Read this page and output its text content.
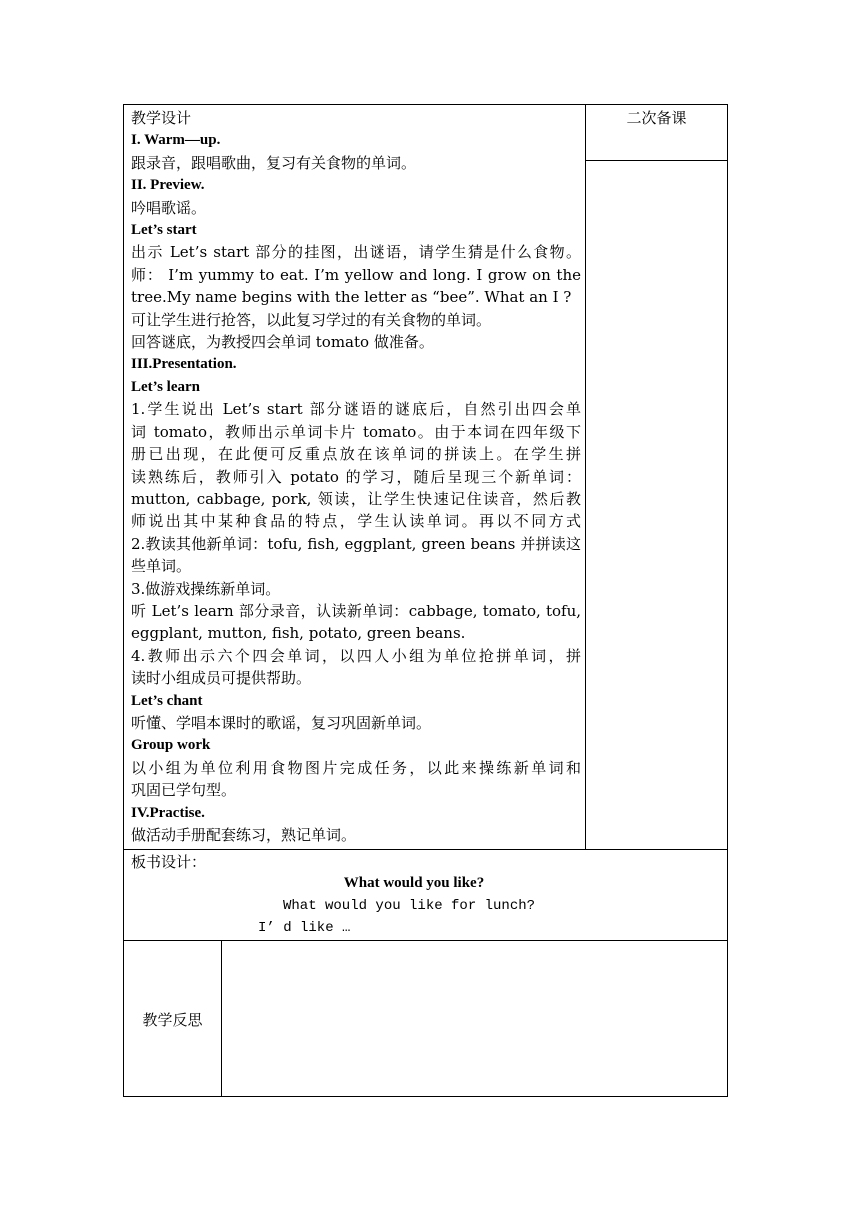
教学设计
I. Warm—up.
跟录音，跟唱歌曲，复习有关食物的单词。
II. Preview.
吟唱歌谣。
Let’s start
出示 Let’s start 部分的挂图，出谜语，请学生猜是什么食物。
师： I’m yummy to eat. I’m yellow and long. I grow on the
tree.My name begins with the letter as “bee”. What an I ?
可让学生进行抢答，以此复习学过的有关食物的单词。
回答谜底，为教授四会单词 tomato 做准备。
III.Presentation.
Let’s learn
1.学生说出 Let’s start 部分谜语的谜底后，自然引出四会单
词 tomato，教师出示单词卡片 tomato。由于本词在四年级下
册已出现，在此便可反重点放在该单词的拼读上。在学生拼
读熟练后，教师引入 potato 的学习，随后呈现三个新单词：
mutton, cabbage, pork, 领读，让学生快速记住读音，然后教
师说出其中某种食品的特点，学生认读单词。再以不同方式
2.教读其他新单词：tofu, fish, eggplant, green beans 并拼读这
些单词。
3.做游戏操练新单词。
听 Let’s learn 部分录音，认读新单词：cabbage, tomato, tofu,
eggplant, mutton, fish, potato, green beans.
4.教师出示六个四会单词，以四人小组为单位抢拼单词，拼
读时小组成员可提供帮助。
Let’s chant
听懂、学唱本课时的歌谣，复习巩固新单词。
Group work
以小组为单位利用食物图片完成任务，以此来操练新单词和
巩固已学句型。
IV.Practise.
做活动手册配套练习，熟记单词。
二次备课
板书设计：
What would you like?
What would you like for lunch?
I’ d like …
教学反思
